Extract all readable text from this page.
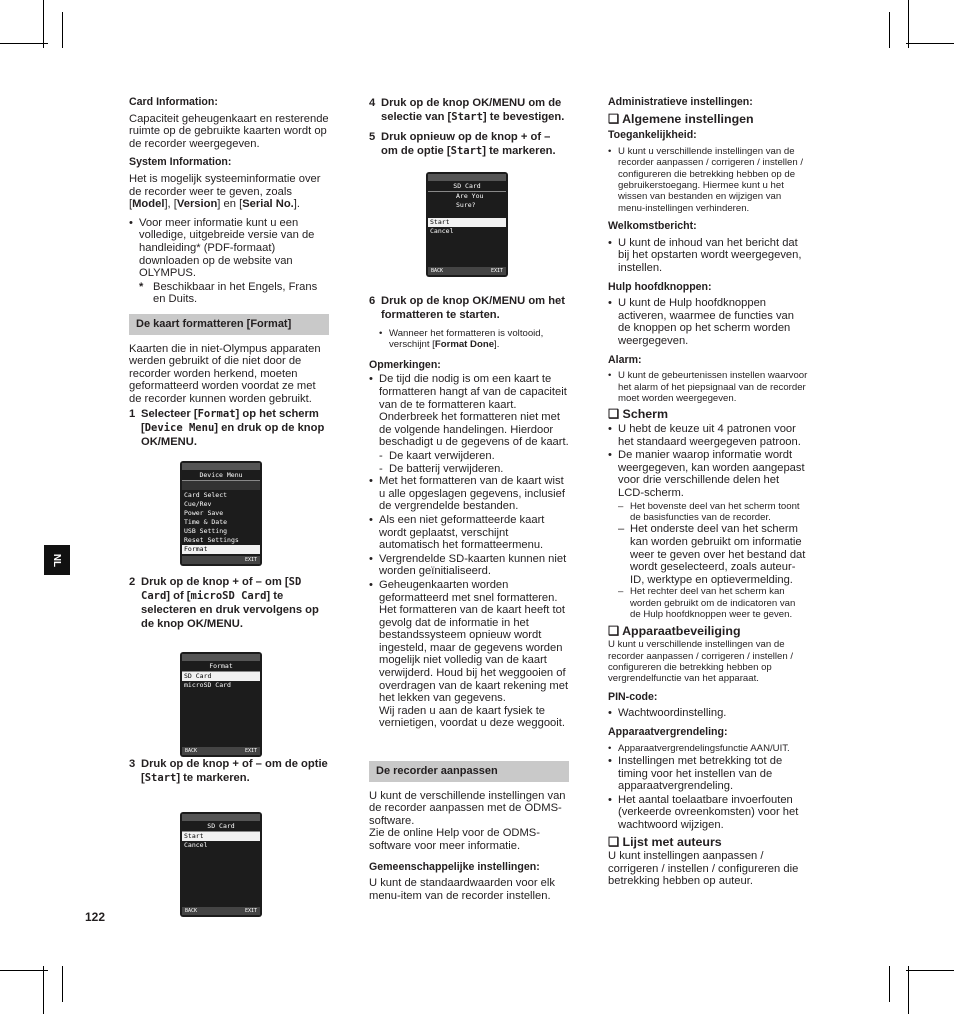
NL
122
Card Information:

Capaciteit geheugenkaart en resterende ruimte op de gebruikte kaarten wordt op de recorder weergegeven.

System Information:

Het is mogelijk systeeminformatie over de recorder weer te geven, zoals [Model], [Version] en [Serial No.].

• Voor meer informatie kunt u een volledige, uitgebreide versie van de handleiding* (PDF-formaat) downloaden op de website van OLYMPUS.
* Beschikbaar in het Engels, Frans en Duits.
De kaart formatteren [Format]

Kaarten die in niet-Olympus apparaten werden gebruikt of die niet door de recorder worden herkend, moeten geformatteerd worden voordat ze met de recorder kunnen worden gebruikt.

1 Selecteer [Format] op het scherm [Device Menu] en druk op de knop OK/MENU.
2 Druk op de knop + of – om [SD Card] of [microSD Card] te selecteren en druk vervolgens op de knop OK/MENU.
3 Druk op de knop + of – om de optie [Start] te markeren.
Device Menu
Card Select
Cue/Rev
Power Save
Time & Date
USB Setting
Reset Settings
Format
EXIT
Format
SD Card
microSD Card
BACK	EXIT
SD Card
Start
Cancel
BACK	EXIT
SD Card
Are You Sure?
Start
Cancel
BACK	EXIT
4 Druk op de knop OK/MENU om de selectie van [Start] te bevestigen.
5 Druk opnieuw op de knop + of – om de optie [Start] te markeren.
6 Druk op de knop OK/MENU om het formatteren te starten.
• Wanneer het formatteren is voltooid, verschijnt [Format Done].
Opmerkingen:
• De tijd die nodig is om een kaart te formatteren hangt af van de capaciteit van de te formatteren kaart. Onderbreek het formatteren niet met de volgende handelingen. Hierdoor beschadigt u de gegevens of de kaart.
- De kaart verwijderen.
- De batterij verwijderen.
• Met het formatteren van de kaart wist u alle opgeslagen gegevens, inclusief de vergrendelde bestanden.
• Als een niet geformatteerde kaart wordt geplaatst, verschijnt automatisch het formatteermenu.
• Vergrendelde SD-kaarten kunnen niet worden geïnitialiseerd.
• Geheugenkaarten worden geformatteerd met snel formatteren. Het formatteren van de kaart heeft tot gevolg dat de informatie in het bestandssysteem opnieuw wordt ingesteld, maar de gegevens worden mogelijk niet volledig van de kaart verwijderd. Houd bij het weggooien of overdragen van de kaart rekening met het lekken van gegevens.
Wij raden u aan de kaart fysiek te vernietigen, voordat u deze weggooit.
De recorder aanpassen

U kunt de verschillende instellingen van de recorder aanpassen met de ODMS-software.
Zie de online Help voor de ODMS-software voor meer informatie.

Gemeenschappelijke instellingen:

U kunt de standaardwaarden voor elk menu-item van de recorder instellen.

Administratieve instellingen:
❑ Algemene instellingen
Toegankelijkheid:
• U kunt u verschillende instellingen van de recorder aanpassen / corrigeren / instellen / configureren die betrekking hebben op de gebruikerstoegang. Hiermee kunt u het wissen van bestanden en wijzigen van menu-instellingen verhinderen.
Welkomstbericht:
• U kunt de inhoud van het bericht dat bij het opstarten wordt weergegeven, instellen.
Hulp hoofdknoppen:
• U kunt de Hulp hoofdknoppen activeren, waarmee de functies van de knoppen op het scherm worden weergegeven.
Alarm:
• U kunt de gebeurtenissen instellen waarvoor het alarm of het piepsignaal van de recorder moet worden weergegeven.
❑ Scherm
• U hebt de keuze uit 4 patronen voor het standaard weergegeven patroon.
• De manier waarop informatie wordt weergegeven, kan worden aangepast voor drie verschillende delen het LCD-scherm.
– Het bovenste deel van het scherm toont de basisfuncties van de recorder.
– Het onderste deel van het scherm kan worden gebruikt om informatie weer te geven over het bestand dat wordt geselecteerd, zoals auteur-ID, werktype en optievermelding.
– Het rechter deel van het scherm kan worden gebruikt om de indicatoren van de Hulp hoofdknoppen weer te geven.
❑ Apparaatbeveiliging

U kunt u verschillende instellingen van de recorder aanpassen / corrigeren / instellen / configureren die betrekking hebben op vergrendelfunctie van het apparaat.

PIN-code:
• Wachtwoordinstelling.
Apparaatvergrendeling:
• Apparaatvergrendelingsfunctie AAN/UIT.
• Instellingen met betrekking tot de timing voor het instellen van de apparaatvergrendeling.
• Het aantal toelaatbare invoerfouten (verkeerde ovreenkomsten) voor het wachtwoord wijzigen.
❑ Lijst met auteurs

U kunt instellingen aanpassen / corrigeren / instellen / configureren die betrekking hebben op auteur.
